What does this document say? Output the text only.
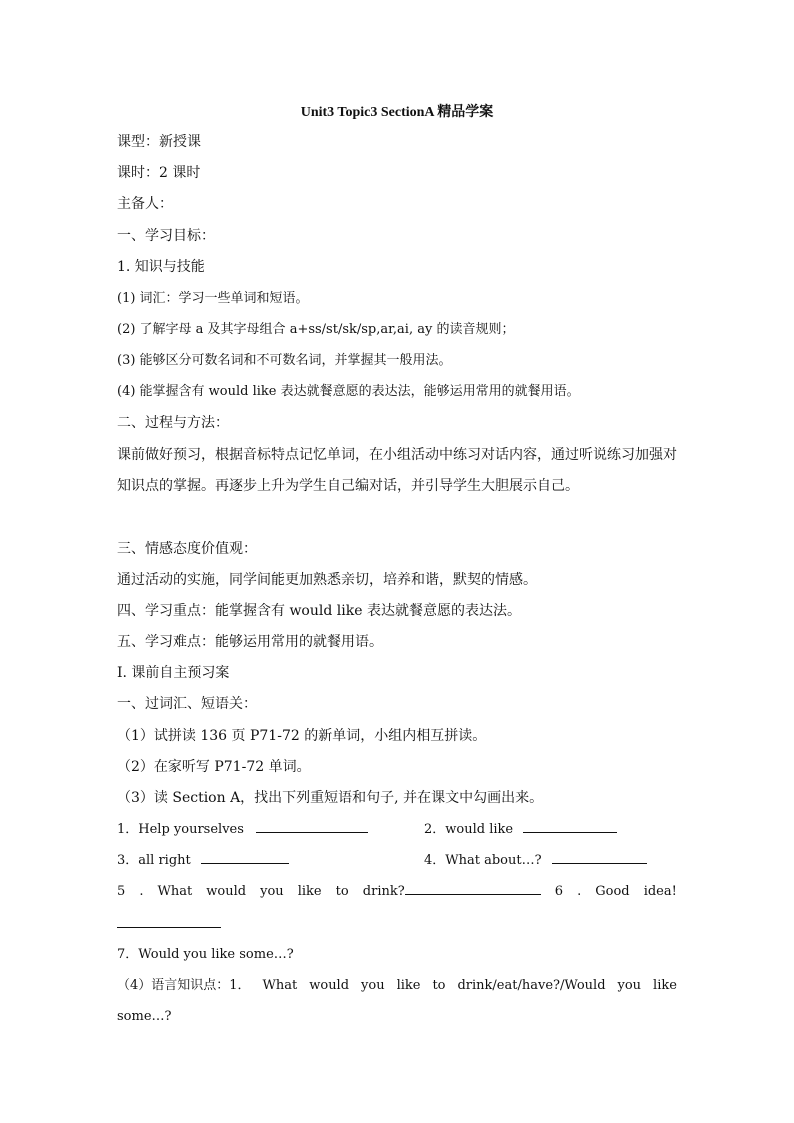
Unit3 Topic3 SectionA 精品学案
课型：新授课
课时：2 课时
主备人：
一、学习目标：
1. 知识与技能
(1) 词汇：学习一些单词和短语。
(2) 了解字母 a 及其字母组合 a+ss/st/sk/sp,ar,ai, ay 的读音规则；
(3) 能够区分可数名词和不可数名词，并掌握其一般用法。
(4) 能掌握含有 would like 表达就餐意愿的表达法，能够运用常用的就餐用语。
二、过程与方法：
课前做好预习，根据音标特点记忆单词，在小组活动中练习对话内容，通过听说练习加强对知识点的掌握。再逐步上升为学生自己编对话，并引导学生大胆展示自己。
三、情感态度价值观：
通过活动的实施，同学间能更加熟悉亲切，培养和谐，默契的情感。
四、学习重点：能掌握含有 would like 表达就餐意愿的表达法。
五、学习难点：能够运用常用的就餐用语。
I. 课前自主预习案
一、过词汇、短语关：
（1）试拼读 136 页 P71-72 的新单词，小组内相互拼读。
（2）在家听写 P71-72 单词。
（3）读 Section A，找出下列重短语和句子, 并在课文中勾画出来。
1．Help yourselves	2．would like
3．all right	4．What about…?
5 . What would you like to drink?	6 . Good idea!
7．Would you like some…?
（4）语言知识点：1． What would you like to drink/eat/have?/Would you like
some…?
